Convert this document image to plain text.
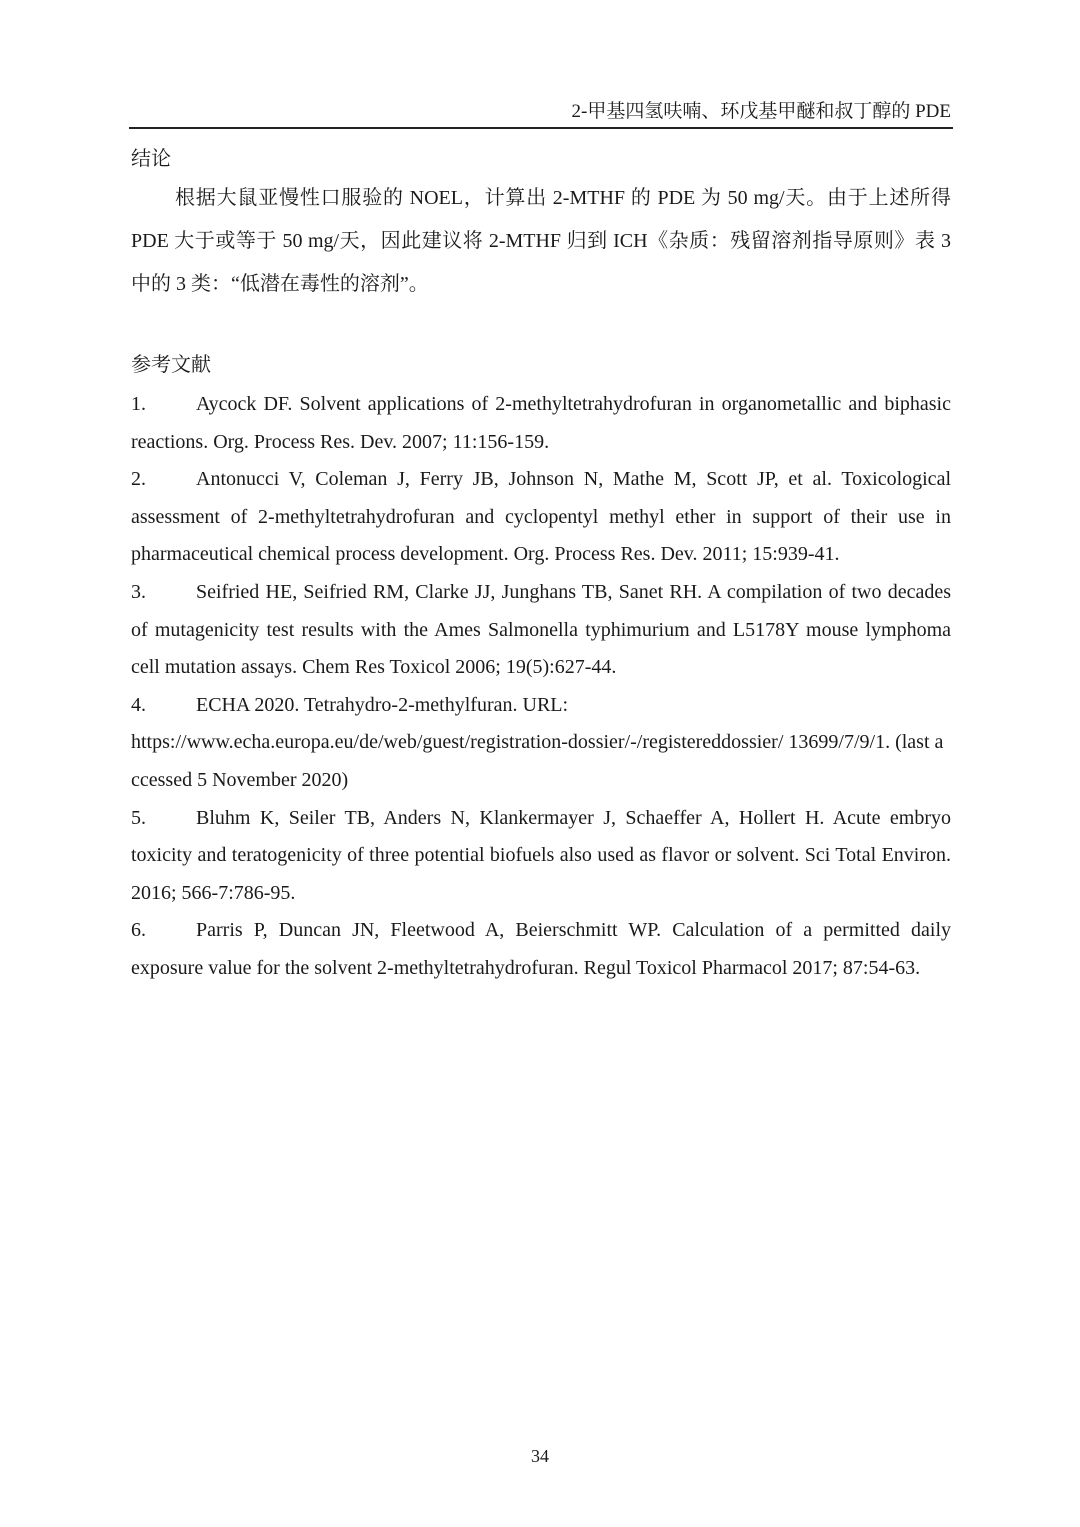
2-甲基四氢呋喃、环戊基甲醚和叔丁醇的 PDE
结论

根据大鼠亚慢性口服验的 NOEL，计算出 2-MTHF 的 PDE 为 50 mg/天。由于上述所得 PDE 大于或等于 50 mg/天，因此建议将 2-MTHF 归到 ICH《杂质：残留溶剂指导原则》表 3 中的 3 类：“低潜在毒性的溶剂”。

参考文献
1.	Aycock DF. Solvent applications of 2-methyltetrahydrofuran in organometallic and biphasic reactions. Org. Process Res. Dev. 2007; 11:156-159.
2.	Antonucci V, Coleman J, Ferry JB, Johnson N, Mathe M, Scott JP, et al. Toxicological assessment of 2-methyltetrahydrofuran and cyclopentyl methyl ether in support of their use in pharmaceutical chemical process development. Org. Process Res. Dev. 2011; 15:939-41.
3.	Seifried HE, Seifried RM, Clarke JJ, Junghans TB, Sanet RH. A compilation of two decades of mutagenicity test results with the Ames Salmonella typhimurium and L5178Y mouse lymphoma cell mutation assays. Chem Res Toxicol 2006; 19(5):627-44.
4.	ECHA 2020. Tetrahydro-2-methylfuran. URL:
https://www.echa.europa.eu/de/web/guest/registration-dossier/-/registereddossier/ 13699/7/9/1. (last accessed 5 November 2020)
5.	Bluhm K, Seiler TB, Anders N, Klankermayer J, Schaeffer A, Hollert H. Acute embryo toxicity and teratogenicity of three potential biofuels also used as flavor or solvent. Sci Total Environ. 2016; 566-7:786-95.
6.	Parris P, Duncan JN, Fleetwood A, Beierschmitt WP. Calculation of a permitted daily exposure value for the solvent 2-methyltetrahydrofuran. Regul Toxicol Pharmacol 2017; 87:54-63.
34
